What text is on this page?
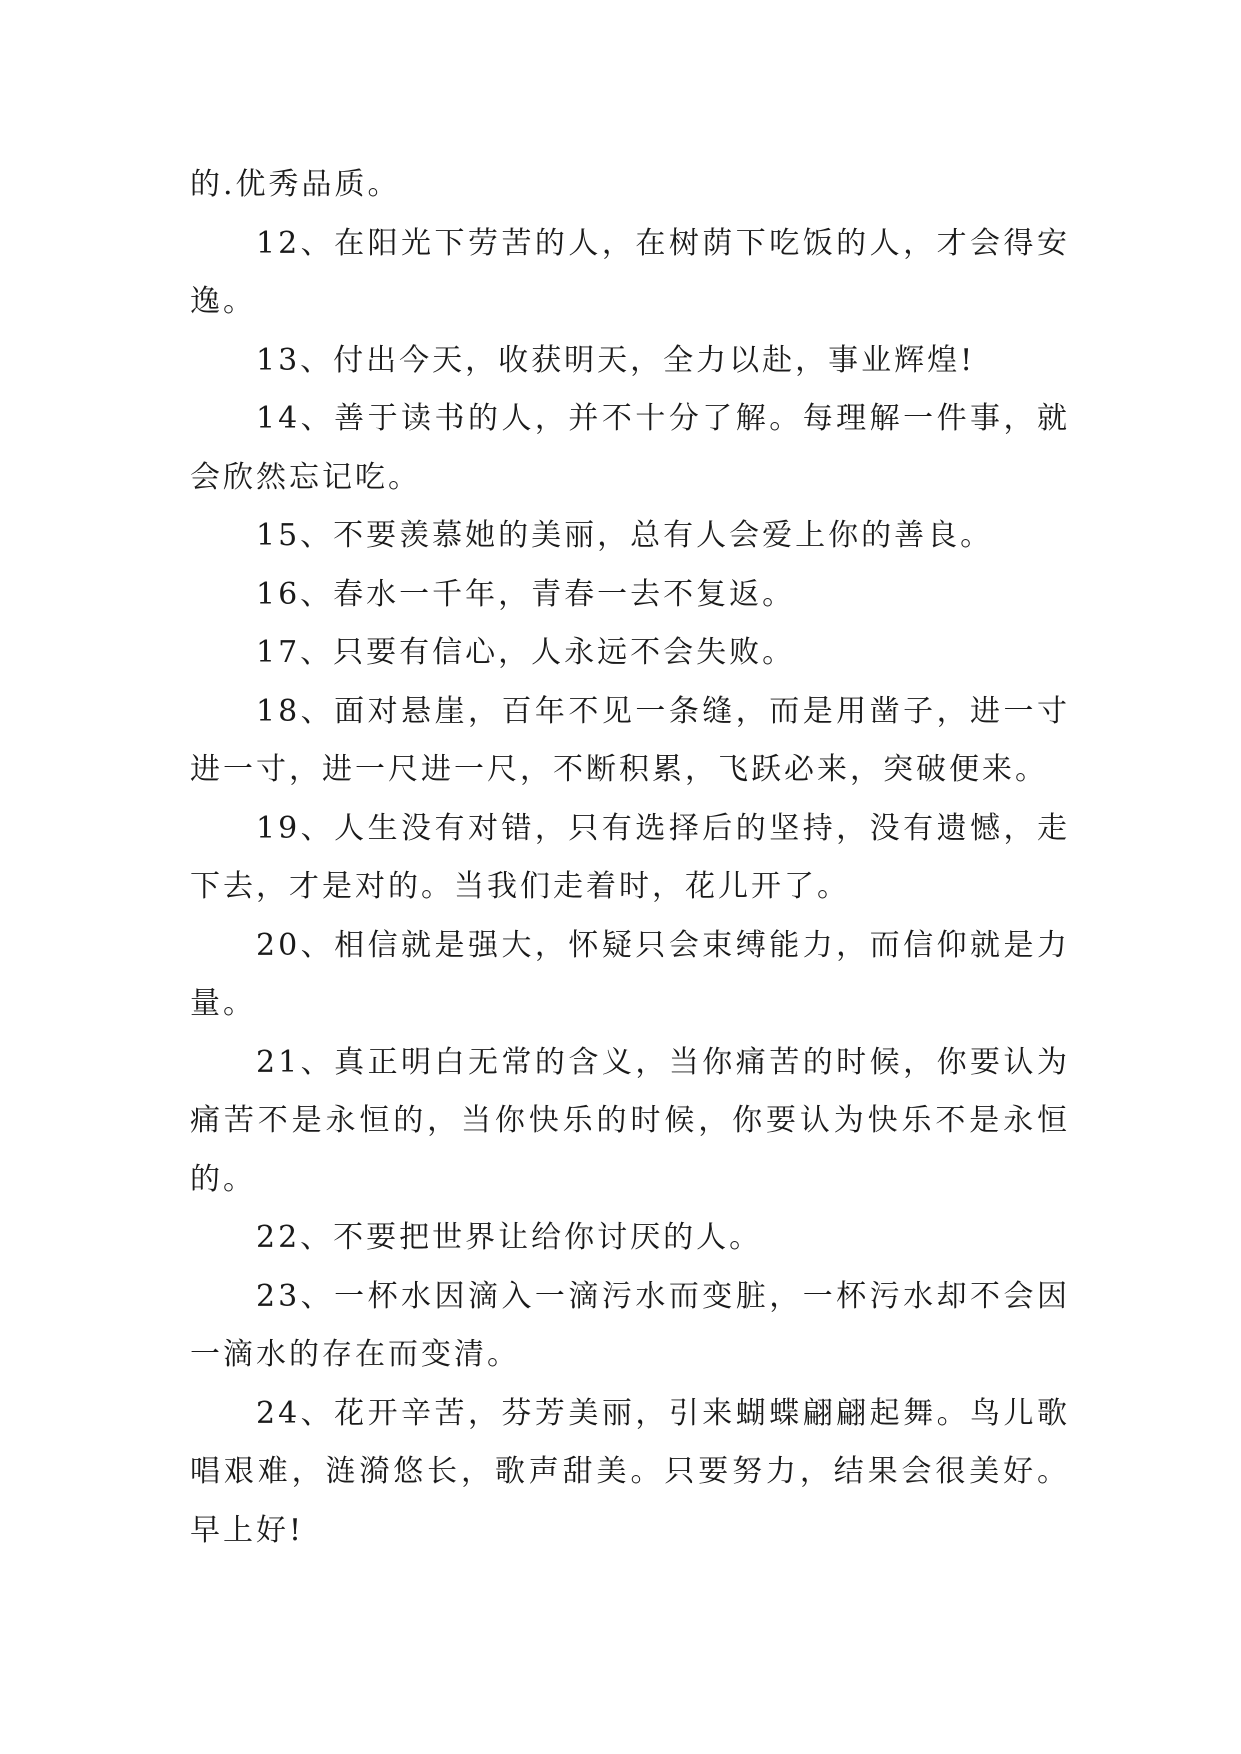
的.优秀品质。

12、在阳光下劳苦的人，在树荫下吃饭的人，才会得安逸。

13、付出今天，收获明天，全力以赴，事业辉煌!

14、善于读书的人，并不十分了解。每理解一件事，就会欣然忘记吃。

15、不要羡慕她的美丽，总有人会爱上你的善良。

16、春水一千年，青春一去不复返。

17、只要有信心，人永远不会失败。

18、面对悬崖，百年不见一条缝，而是用凿子，进一寸进一寸，进一尺进一尺，不断积累，飞跃必来，突破便来。

19、人生没有对错，只有选择后的坚持，没有遗憾，走下去，才是对的。当我们走着时，花儿开了。

20、相信就是强大，怀疑只会束缚能力，而信仰就是力量。

21、真正明白无常的含义，当你痛苦的时候，你要认为痛苦不是永恒的，当你快乐的时候，你要认为快乐不是永恒的。

22、不要把世界让给你讨厌的人。

23、一杯水因滴入一滴污水而变脏，一杯污水却不会因一滴水的存在而变清。

24、花开辛苦，芬芳美丽，引来蝴蝶翩翩起舞。鸟儿歌唱艰难，涟漪悠长，歌声甜美。只要努力，结果会很美好。早上好!
